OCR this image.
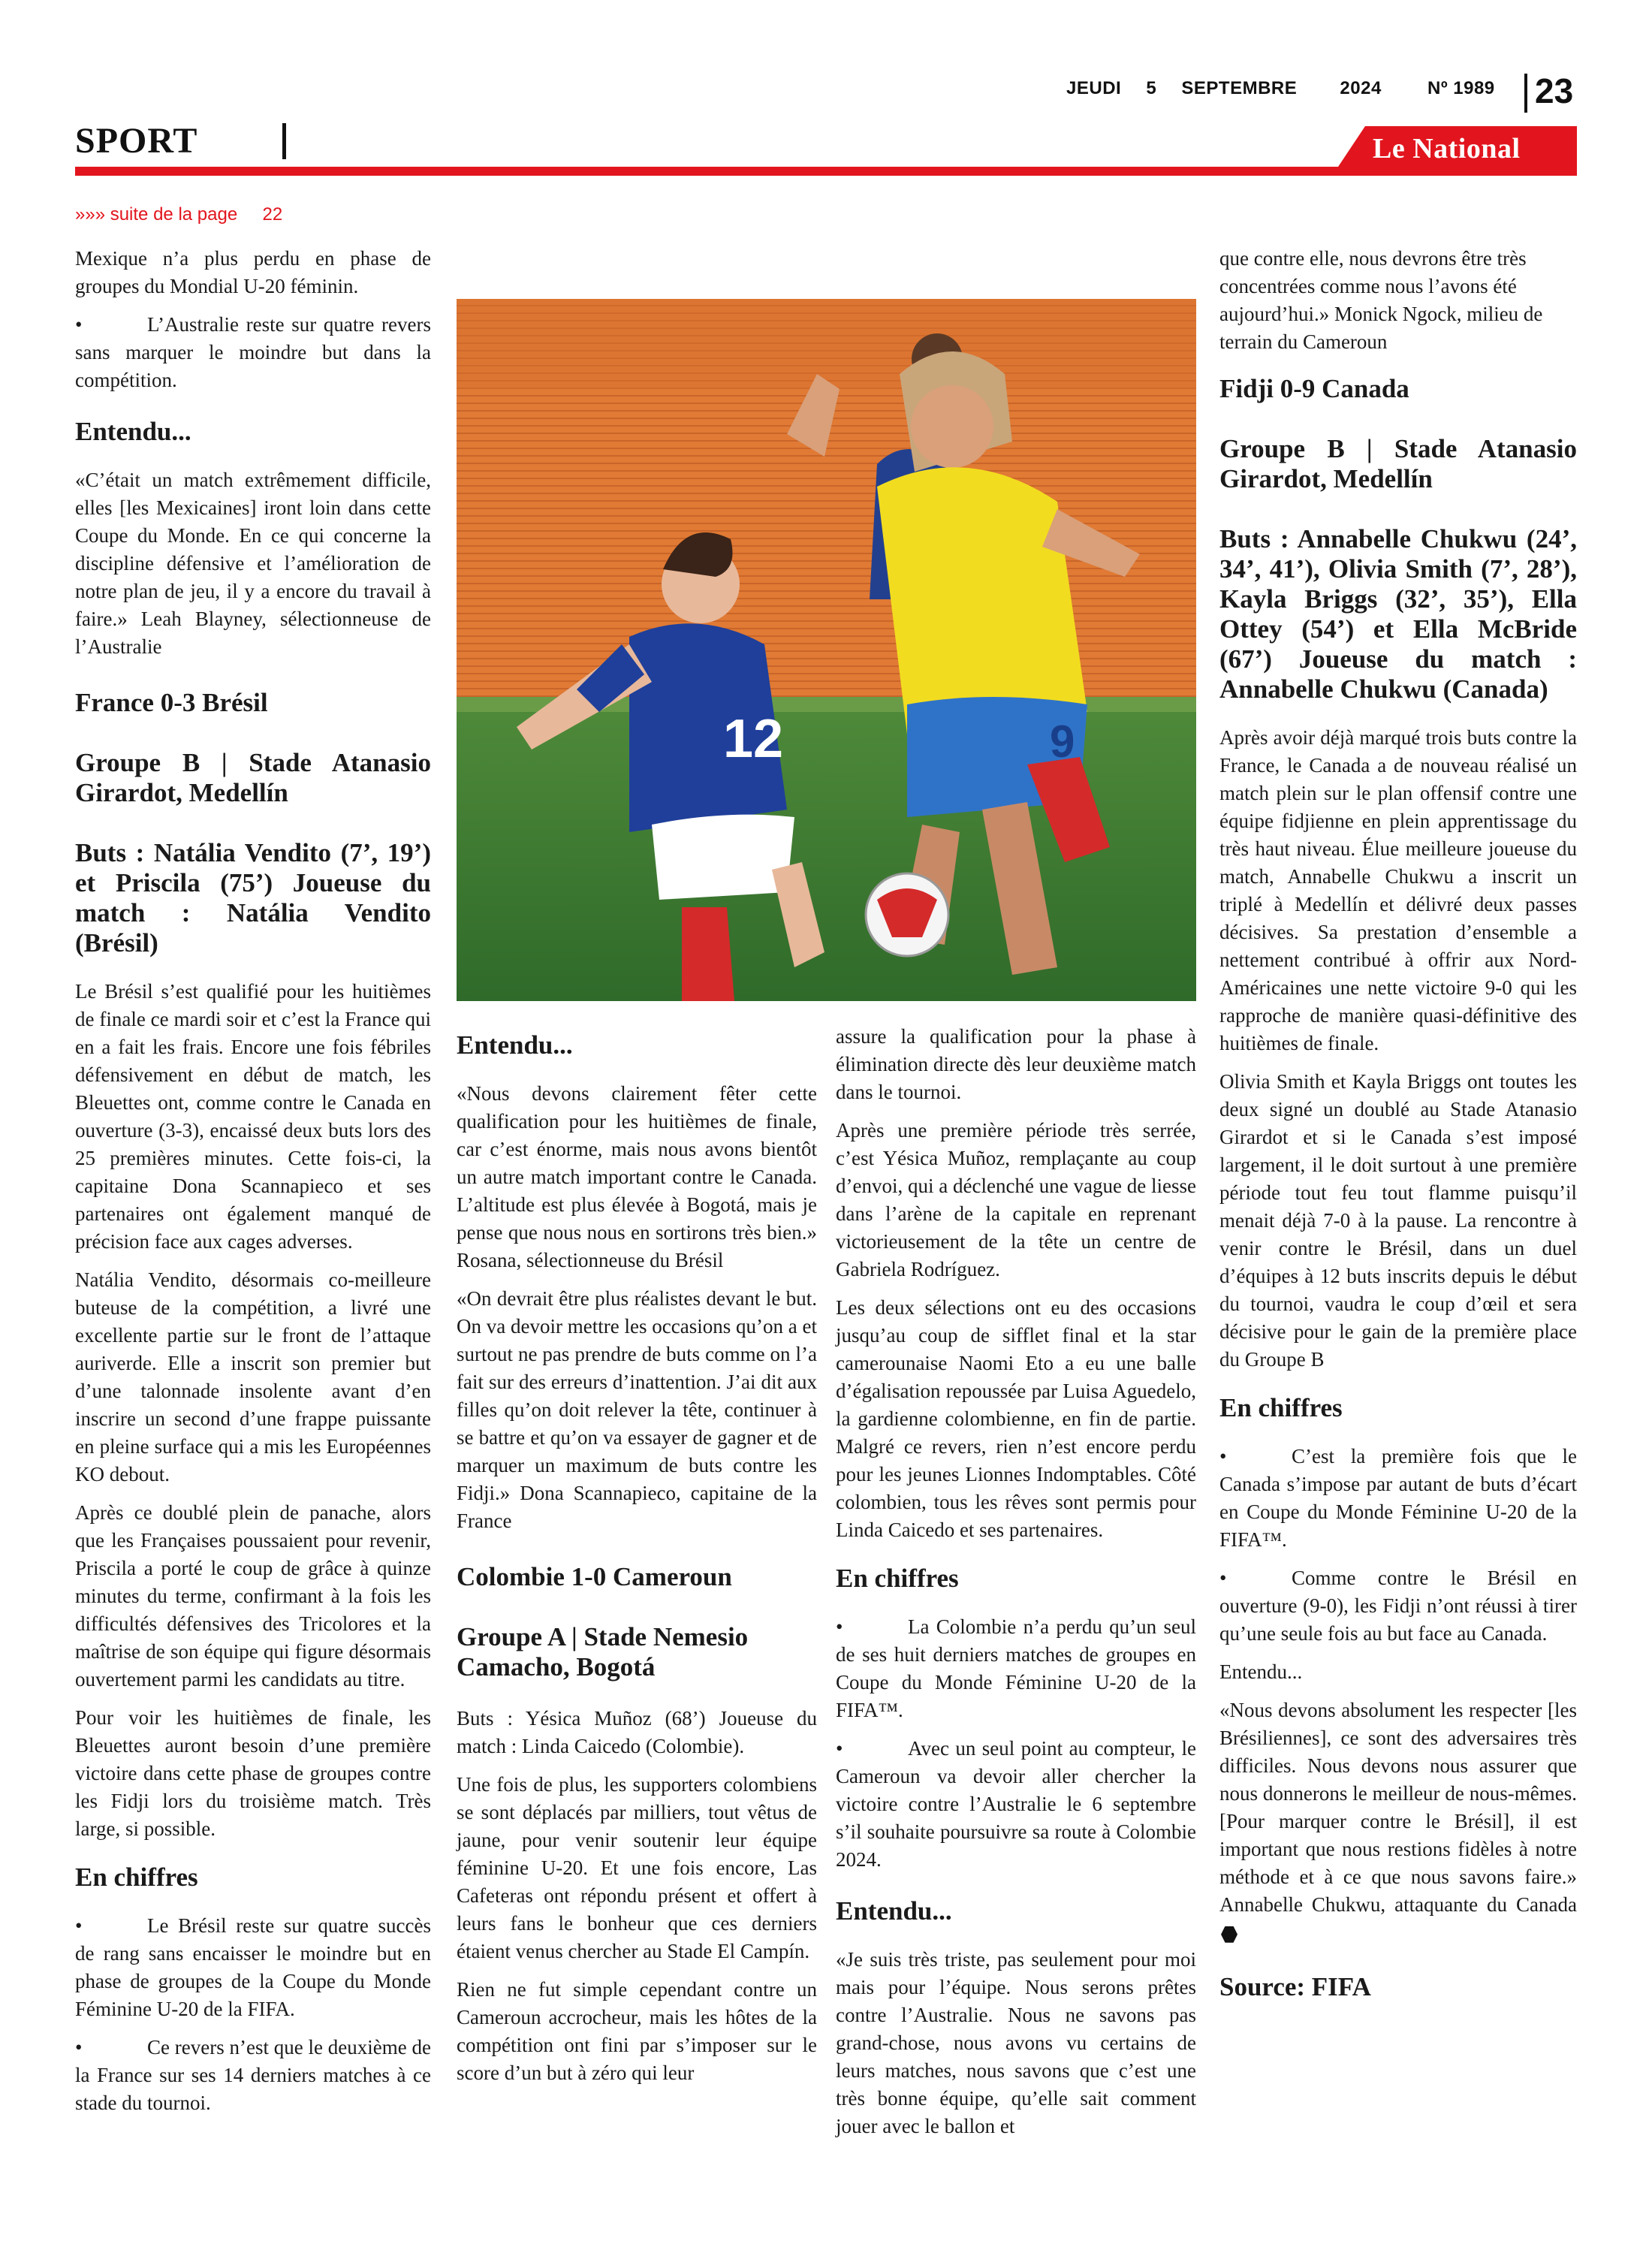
JEUDI 5 SEPTEMBRE 2024	Nº 1989	23
SPORT	Le National
»»» suite de la page     22

Mexique n’a plus perdu en phase de groupes du Mondial U-20 féminin.

•	L’Australie reste sur quatre revers sans marquer le moindre but dans la compétition.

Entendu...

«C’était un match extrêmement difficile, elles [les Mexicaines] iront loin dans cette Coupe du Monde. En ce qui concerne la discipline défensive et l’amélioration de notre plan de jeu, il y a encore du travail à faire.» Leah Blayney, sélectionneuse de l’Australie

France 0-3 Brésil
Groupe B | Stade Atanasio Girardot, Medellín
Buts : Natália Vendito (7’, 19’) et Priscila (75’) Joueuse du match : Natália Vendito (Brésil)

Le Brésil s’est qualifié pour les huitièmes de finale ce mardi soir et c’est la France qui en a fait les frais. Encore une fois fébriles défensivement en début de match, les Bleuettes ont, comme contre le Canada en ouverture (3-3), encaissé deux buts lors des 25 premières minutes. Cette fois-ci, la capitaine Dona Scannapieco et ses partenaires ont également manqué de précision face aux cages adverses.

Natália Vendito, désormais co-meilleure buteuse de la compétition, a livré une excellente partie sur le front de l’attaque auriverde. Elle a inscrit son premier but d’une talonnade insolente avant d’en inscrire un second d’une frappe puissante en pleine surface qui a mis les Européennes KO debout.

Après ce doublé plein de panache, alors que les Françaises poussaient pour revenir, Priscila a porté le coup de grâce à quinze minutes du terme, confirmant à la fois les difficultés défensives des Tricolores et la maîtrise de son équipe qui figure désormais ouvertement parmi les candidats au titre.

Pour voir les huitièmes de finale, les Bleuettes auront besoin d’une première victoire dans cette phase de groupes contre les Fidji lors du troisième match. Très large, si possible.

En chiffres

•	Le Brésil reste sur quatre succès de rang sans encaisser le moindre but en phase de groupes de la Coupe du Monde Féminine U-20 de la FIFA.

•	Ce revers n’est que le deuxième de la France sur ses 14 derniers matches à ce stade du tournoi.

12	9
Entendu...

«Nous devons clairement fêter cette qualification pour les huitièmes de finale, car c’est énorme, mais nous avons bientôt un autre match important contre le Canada. L’altitude est plus élevée à Bogotá, mais je pense que nous nous en sortirons très bien.» Rosana, sélectionneuse du Brésil

«On devrait être plus réalistes devant le but. On va devoir mettre les occasions qu’on a et surtout ne pas prendre de buts comme on l’a fait sur des erreurs d’inattention. J’ai dit aux filles qu’on doit relever la tête, continuer à se battre et qu’on va essayer de gagner et de marquer un maximum de buts contre les Fidji.» Dona Scannapieco, capitaine de la France

Colombie 1-0 Cameroun
Groupe A | Stade Nemesio Camacho, Bogotá

Buts : Yésica Muñoz (68’) Joueuse du match : Linda Caicedo (Colombie).

Une fois de plus, les supporters colombiens se sont déplacés par milliers, tout vêtus de jaune, pour venir soutenir leur équipe féminine U-20. Et une fois encore, Las Cafeteras ont répondu présent et offert à leurs fans le bonheur que ces derniers étaient venus chercher au Stade El Campín.

Rien ne fut simple cependant contre un Cameroun accrocheur, mais les hôtes de la compétition ont fini par s’imposer sur le score d’un but à zéro qui leur

assure la qualification pour la phase à élimination directe dès leur deuxième match dans le tournoi.

Après une première période très serrée, c’est Yésica Muñoz, remplaçante au coup d’envoi, qui a déclenché une vague de liesse dans l’arène de la capitale en reprenant victorieusement de la tête un centre de Gabriela Rodríguez.

Les deux sélections ont eu des occasions jusqu’au coup de sifflet final et la star camerounaise Naomi Eto a eu une balle d’égalisation repoussée par Luisa Aguedelo, la gardienne colombienne, en fin de partie. Malgré ce revers, rien n’est encore perdu pour les jeunes Lionnes Indomptables. Côté colombien, tous les rêves sont permis pour Linda Caicedo et ses partenaires.

En chiffres

•	La Colombie n’a perdu qu’un seul de ses huit derniers matches de groupes en Coupe du Monde Féminine U-20 de la FIFA™.

•	Avec un seul point au compteur, le Cameroun va devoir aller chercher la victoire contre l’Australie le 6 septembre s’il souhaite poursuivre sa route à Colombie 2024.

Entendu...

«Je suis très triste, pas seulement pour moi mais pour l’équipe. Nous serons prêtes contre l’Australie. Nous ne savons pas grand-chose, nous avons vu certains de leurs matches, nous savons que c’est une très bonne équipe, qu’elle sait comment jouer avec le ballon et

que contre elle, nous devrons être très concentrées comme nous l’avons été aujourd’hui.» Monick Ngock, milieu de terrain du Cameroun

Fidji 0-9 Canada
Groupe B | Stade Atanasio Girardot, Medellín
Buts : Annabelle Chukwu (24’, 34’, 41’), Olivia Smith (7’, 28’), Kayla Briggs (32’, 35’), Ella Ottey (54’) et Ella McBride (67’) Joueuse du match : Annabelle Chukwu (Canada)

Après avoir déjà marqué trois buts contre la France, le Canada a de nouveau réalisé un match plein sur le plan offensif contre une équipe fidjienne en plein apprentissage du très haut niveau. Élue meilleure joueuse du match, Annabelle Chukwu a inscrit un triplé à Medellín et délivré deux passes décisives. Sa prestation d’ensemble a nettement contribué à offrir aux Nord-Américaines une nette victoire 9-0 qui les rapproche de manière quasi-définitive des huitièmes de finale.

Olivia Smith et Kayla Briggs ont toutes les deux signé un doublé au Stade Atanasio Girardot et si le Canada s’est imposé largement, il le doit surtout à une première période tout feu tout flamme puisqu’il menait déjà 7-0 à la pause. La rencontre à venir contre le Brésil, dans un duel d’équipes à 12 buts inscrits depuis le début du tournoi, vaudra le coup d’œil et sera décisive pour le gain de la première place du Groupe B

En chiffres

•	C’est la première fois que le Canada s’impose par autant de buts d’écart en Coupe du Monde Féminine U-20 de la FIFA™.

•	Comme contre le Brésil en ouverture (9-0), les Fidji n’ont réussi à tirer qu’une seule fois au but face au Canada.

Entendu...

«Nous devons absolument les respecter [les Brésiliennes], ce sont des adversaires très difficiles. Nous devons nous assurer que nous donnerons le meilleur de nous-mêmes. [Pour marquer contre le Brésil], il est important que nous restions fidèles à notre méthode et à ce que nous savons faire.» Annabelle Chukwu, attaquante du Canada

Source: FIFA
